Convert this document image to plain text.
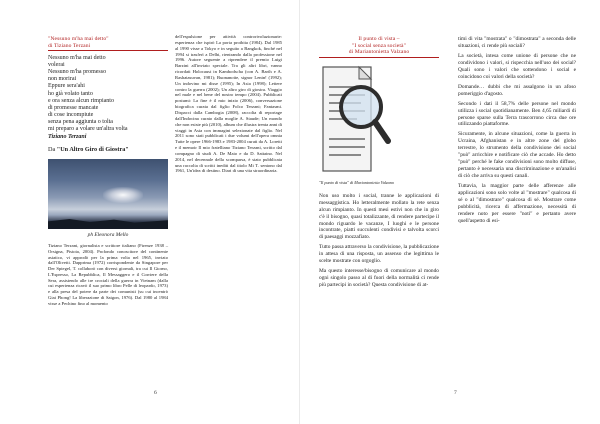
"Nessuno m'ha mai detto"
di Tiziano Terzani
Nessuno m'ha mai detto
volerai
Nessuno m'ha promesso
non morirai
Eppure sera'ahi
ho già volato tanto
e ora senza alcun rimpianto
di promesse mancate
di cose incompiute
senza pena aggiunta o tolta
mi preparo a volare un'altra volta
Tiziano Terzani
Da "Un Altro Giro di Giostra"
ph Eleonora Mello
Tiziano Terzani, giornalista e scrittore italiano (Firenze 1938 – Orsigna, Pistoia, 2004). Profondo conoscitore del continente asiatico, vi approdò per la prima volta nel 1965, inviato dall'Olivetti. Dapprima (1972) corrispondente da Singapore per Der Spiegel, T. collaborò con diversi giornali, tra cui Il Giorno, L'Espresso, La Repubblica, Il Messaggero e il Corriere della Sera, assistendo alle tre crociali della guerra in Vietnam (dalla cui esperienza ricavò il suo primo libro Pelle di leopardo, 1973) e alla presa del potere da parte dei comunisti (su cui incentrò Giai Phong! La liberazione di Saigon, 1976). Dal 1980 al 1984 visse a Pechino fino al momento
dell'espulsione per attività controrivoluzionarie: esperienza che ispirò La porta proibita (1984). Dal 1985 al 1990 visse a Tokyo e in seguito a Bangkok, finché nel 1994 si trasferì a Delhi, rientrando dalla professione nel 1996. Autore seguente a riprendere il premio Luigi Barzini all'inviato speciale. Tra gli altri libri, vanno ricordati Holocaust in Kambodscha (con A. Barth e A. Rashatasuvan, 1981); Buonanotte, signor Lenin! (1992); Un indovino mi disse (1995); In Asia (1998); Lettere contro la guerra (2002); Un altro giro di giostra. Viaggio nel male e nel bene del nostro tempo (2004). Pubblicati postumi: La fine è il mio inizio (2006), conversazione biografica curata dal figlio Folco Terzani; Fantasmi. Dispacci dalla Cambogia (2008), raccolta di reportage dall'Indocina curato dalla moglie A. Staude; Un mondo che non esiste più (2010), album che illustra trenta anni di viaggi in Asia con immagini selezionate dal figlio. Nel 2011 sono stati pubblicati i due volumi dell'opera omnia Tutte le opere 1966-1983 e 1983-2004 curati da A. Loretti e il memoir Il mio fratelliano Tiziano Terzani, scritto dal compagno di studi A. De Maio e da D. Sattaino. Nel 2014, nel decennale della scomparsa, è stato pubblicata una raccolta di scritti inediti dal titolo Mi T. sentono dal 1961, Un'idea di destino. Diari di una vita straordinaria.
6
Il punto di vista –
"I social senza società"
di Mariantonietta Valzano
"Il punto di vista" di Mariantonietta Valzano

Non uso molto i social, tranne le applicazioni di messaggistica. Ho letteralmente mollato la rete senza alcun rimpianto. In questi mesi estivi non che in giro c'è il bisogno, quasi totalizzante, di rendere partecipe il mondo riguardo le vacanze, I luoghi e le persone incontrate, piatti succulenti condivisi e talvolta scorci di paesaggi mozzafiato.

Tutto passa attraverso la condivisione, la pubblicazione in attesa di una risposta, un assenso che legittima le scelte mostrate con orgoglio.

Ma questo interesse/bisogno di comunicare al mondo ogni singolo passo al di fuori della normalità ci rende più partecipi in società? Questa condivisione di at-

timi di vita "mostrata" o "dimostrata" a seconda delle situazioni, ci rende più sociali?

La società, intesa come unione di persone che ne condividono i valori, si rispecchia nell'uso dei social? Quali sono i valori che sottendono i social e coincidono coi valori della società?

Domande… dubbi che mi assalgono in un afoso pomeriggio d'agosto.

Secondo i dati il 58,7% delle persone nel mondo utilizza i social quotidianamente. Ben 4,65 miliardi di persone sparse sulla Terra trascorrono circa due ore utilizzando piattaforme.

Sicuramente, in alcune situazioni, come la guerra in Ucraina, Afghanistan e in altre zone del globo terrestre, lo strumento della condivisione dei social "può" arricchire e notificare ciò che accade. Ho detto "può" perché le fake condivisioni sono molto diffuse, pertanto è necessaria una discriminazione e un'analisi di ciò che arriva su questi canali.

Tuttavia, la maggior parte delle afferenze alle applicazioni sono solo volte al "mostrare" qualcosa di sé o al "dimostrare" qualcosa di sé. Mostrare come pubblicità, ricerca di affermazione, necessità di rendere noto per essere "noti" e pertanto avere quell'aspetto di esi-

7
